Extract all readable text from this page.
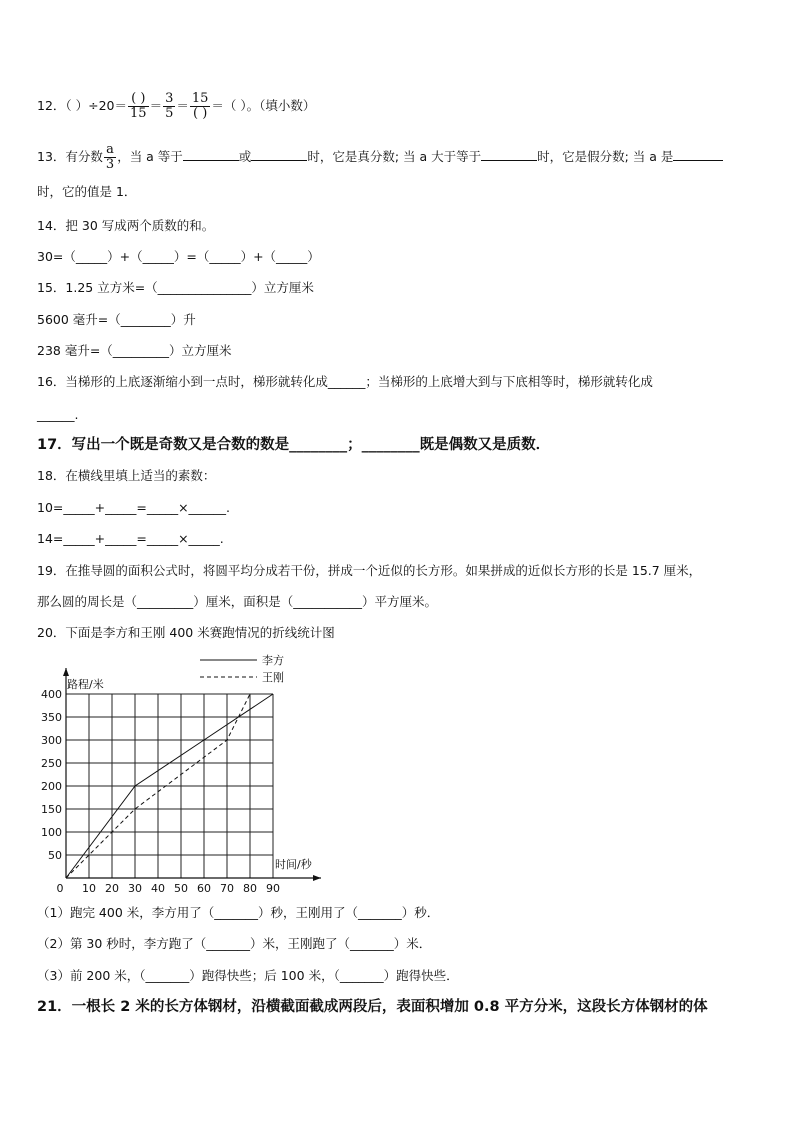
12．（ ）$\div 20= \frac{( )}{15} = \frac{3}{5} = \frac{15}{( )}$ ＝（ ）。（填小数）
13．有分数 $\frac{a}{3}$ ，当 a 等于	或	时，它是真分数; 当 a 大于等于	时，它是假分数; 当 a 是
时，它的值是 1．
14．把 30 写成两个质数的和。
30=（_____）+（_____）=（_____）+（_____）
15．1.25 立方米=（_______________）立方厘米
5600 毫升=（________）升
238 毫升=（_________）立方厘米
16．当梯形的上底逐渐缩小到一点时，梯形就转化成______；当梯形的上底增大到与下底相等时，梯形就转化成
______.
17．写出一个既是奇数又是合数的数是________；________既是偶数又是质数．
18．在横线里填上适当的素数：
10=_____+_____=_____×______.
14=_____+_____=_____×_____.
19．在推导圆的面积公式时，将圆平均分成若干份，拼成一个近似的长方形。如果拼成的近似长方形的长是 15.7 厘米，
那么圆的周长是（_________）厘米，面积是（___________）平方厘米。
20．下面是李方和王刚 400 米赛跑情况的折线统计图
0 10 20 30 40 50 60 70 80 90
50
100
150
200
250
300
350
400
路程/米
时间/秒
李方
王刚
（1）跑完 400 米，李方用了（_______）秒，王刚用了（_______）秒．
（2）第 30 秒时，李方跑了（_______）米，王刚跑了（_______）米．
（3）前 200 米，（_______）跑得快些；后 100 米，（_______）跑得快些．
21．一根长 2 米的长方体钢材，沿横截面截成两段后，表面积增加 0.8 平方分米，这段长方体钢材的体
